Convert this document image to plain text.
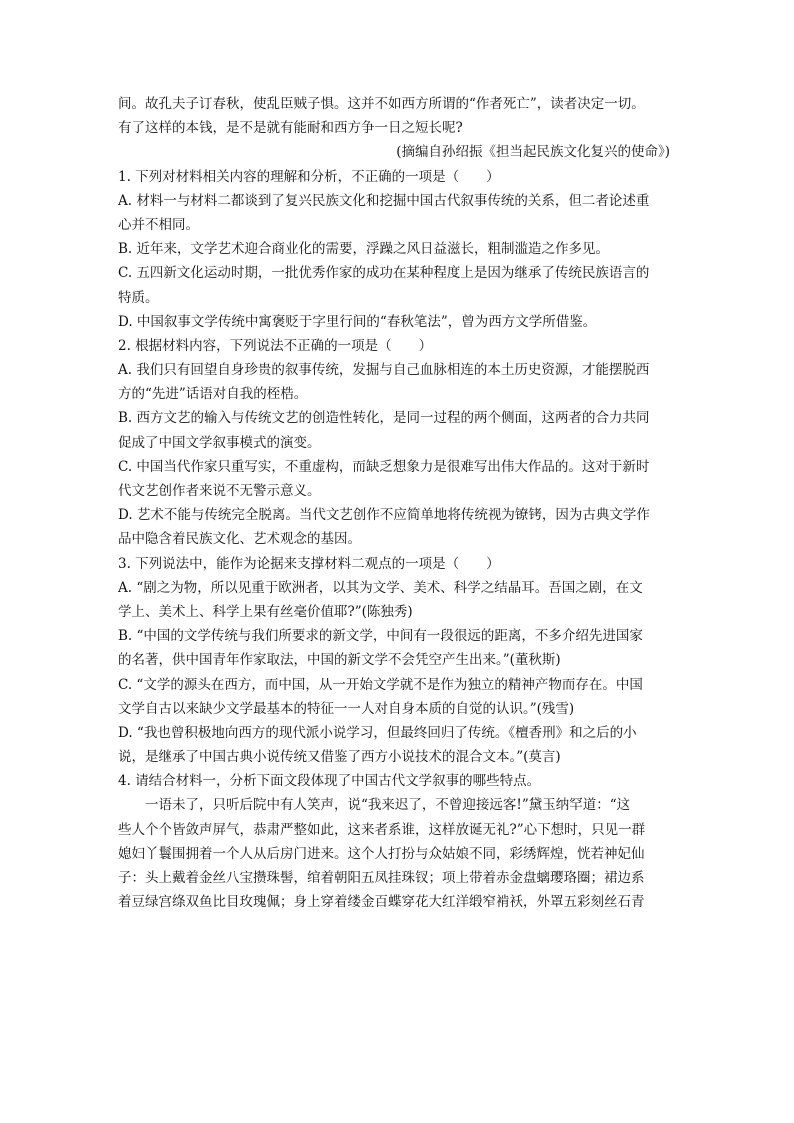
间。故孔夫子订春秋，使乱臣贼子惧。这并不如西方所谓的“作者死亡”，读者决定一切。
有了这样的本钱，是不是就有能耐和西方争一日之短长呢?
(摘编自孙绍振《担当起民族文化复兴的使命》)
1. 下列对材料相关内容的理解和分析，不正确的一项是（　　）
A. 材料一与材料二都谈到了复兴民族文化和挖掘中国古代叙事传统的关系，但二者论述重
心并不相同。
B. 近年来，文学艺术迎合商业化的需要，浮躁之风日益滋长，粗制滥造之作多见。
C. 五四新文化运动时期，一批优秀作家的成功在某种程度上是因为继承了传统民族语言的
特质。
D. 中国叙事文学传统中寓褒贬于字里行间的“春秋笔法”，曾为西方文学所借鉴。
2. 根据材料内容，下列说法不正确的一项是（　　）
A. 我们只有回望自身珍贵的叙事传统，发掘与自己血脉相连的本土历史资源，才能摆脱西
方的“先进”话语对自我的桎梏。
B. 西方文艺的输入与传统文艺的创造性转化，是同一过程的两个侧面，这两者的合力共同
促成了中国文学叙事模式的演变。
C. 中国当代作家只重写实，不重虚构，而缺乏想象力是很难写出伟大作品的。这对于新时
代文艺创作者来说不无警示意义。
D. 艺术不能与传统完全脱离。当代文艺创作不应简单地将传统视为镣铐，因为古典文学作
品中隐含着民族文化、艺术观念的基因。
3. 下列说法中，能作为论据来支撑材料二观点的一项是（　　）
A. “剧之为物，所以见重于欧洲者，以其为文学、美术、科学之结晶耳。吾国之剧，在文
学上、美术上、科学上果有丝毫价值耶?”(陈独秀)
B. “中国的文学传统与我们所要求的新文学，中间有一段很远的距离，不多介绍先进国家
的名著，供中国青年作家取法，中国的新文学不会凭空产生出来。”(董秋斯)
C. “文学的源头在西方，而中国，从一开始文学就不是作为独立的精神产物而存在。中国
文学自古以来缺少文学最基本的特征一一人对自身本质的自觉的认识。”(残雪)
D. “我也曾积极地向西方的现代派小说学习，但最终回归了传统。《檀香刑》和之后的小
说，是继承了中国古典小说传统又借鉴了西方小说技术的混合文本。”(莫言)
4. 请结合材料一，分析下面文段体现了中国古代文学叙事的哪些特点。
一语未了，只听后院中有人笑声，说“我来迟了，不曾迎接远客!”黛玉纳罕道：“这
些人个个皆敛声屏气，恭肃严整如此，这来者系谁，这样放诞无礼?”心下想时，只见一群
媳妇丫鬟围拥着一个人从后房门进来。这个人打扮与众姑娘不同，彩绣辉煌，恍若神妃仙
子：头上戴着金丝八宝攒珠髻，绾着朝阳五凤挂珠钗；项上带着赤金盘螭璎珞圈；裙边系
着豆绿宫绦双鱼比目玫瑰佩；身上穿着缕金百蝶穿花大红洋缎窄褃袄，外罩五彩刻丝石青
